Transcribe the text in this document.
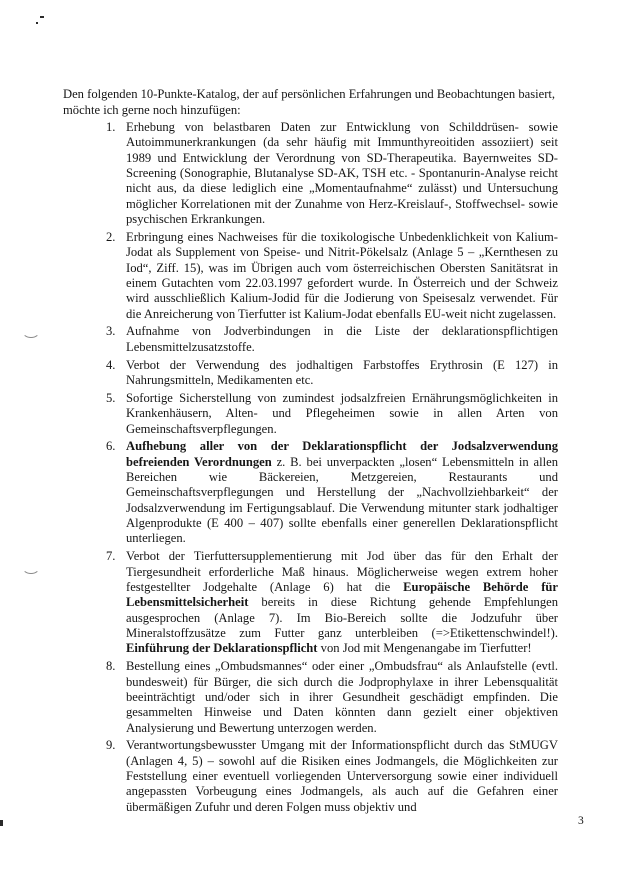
Den folgenden 10-Punkte-Katalog, der auf persönlichen Erfahrungen und Beobachtungen basiert, möchte ich gerne noch hinzufügen:

1. Erhebung von belastbaren Daten zur Entwicklung von Schilddrüsen- sowie Autoimmunerkrankungen (da sehr häufig mit Immunthyreoitiden assoziiert) seit 1989 und Entwicklung der Verordnung von SD-Therapeutika. Bayernweites SD-Screening (Sonographie, Blutanalyse SD-AK, TSH etc. - Spontanurin-Analyse reicht nicht aus, da diese lediglich eine „Momentaufnahme“ zulässt) und Untersuchung möglicher Korrelationen mit der Zunahme von Herz-Kreislauf-, Stoffwechsel- sowie psychischen Erkrankungen.
2. Erbringung eines Nachweises für die toxikologische Unbedenklichkeit von Kalium-Jodat als Supplement von Speise- und Nitrit-Pökelsalz (Anlage 5 – „Kernthesen zu Iod“, Ziff. 15), was im Übrigen auch vom österreichischen Obersten Sanitätsrat in einem Gutachten vom 22.03.1997 gefordert wurde. In Österreich und der Schweiz wird ausschließlich Kalium-Jodid für die Jodierung von Speisesalz verwendet. Für die Anreicherung von Tierfutter ist Kalium-Jodat ebenfalls EU-weit nicht zugelassen.
3. Aufnahme von Jodverbindungen in die Liste der deklarationspflichtigen Lebensmittelzusatzstoffe.
4. Verbot der Verwendung des jodhaltigen Farbstoffes Erythrosin (E 127) in Nahrungsmitteln, Medikamenten etc.
5. Sofortige Sicherstellung von zumindest jodsalzfreien Ernährungsmöglichkeiten in Krankenhäusern, Alten- und Pflegeheimen sowie in allen Arten von Gemeinschaftsverpflegungen.
6. Aufhebung aller von der Deklarationspflicht der Jodsalzverwendung befreienden Verordnungen z. B. bei unverpackten „losen“ Lebensmitteln in allen Bereichen wie Bäckereien, Metzgereien, Restaurants und Gemeinschaftsverpflegungen und Herstellung der „Nachvollziehbarkeit“ der Jodsalzverwendung im Fertigungsablauf. Die Verwendung mitunter stark jodhaltiger Algenprodukte (E 400 – 407) sollte ebenfalls einer generellen Deklarationspflicht unterliegen.
7. Verbot der Tierfuttersupplementierung mit Jod über das für den Erhalt der Tiergesundheit erforderliche Maß hinaus. Möglicherweise wegen extrem hoher festgestellter Jodgehalte (Anlage 6) hat die Europäische Behörde für Lebensmittelsicherheit bereits in diese Richtung gehende Empfehlungen ausgesprochen (Anlage 7). Im Bio-Bereich sollte die Jodzufuhr über Mineralstoffzusätze zum Futter ganz unterbleiben (=>Etikettenschwindel!). Einführung der Deklarationspflicht von Jod mit Mengenangabe im Tierfutter!
8. Bestellung eines „Ombudsmannes“ oder einer „Ombudsfrau“ als Anlaufstelle (evtl. bundesweit) für Bürger, die sich durch die Jodprophylaxe in ihrer Lebensqualität beeinträchtigt und/oder sich in ihrer Gesundheit geschädigt empfinden. Die gesammelten Hinweise und Daten könnten dann gezielt einer objektiven Analysierung und Bewertung unterzogen werden.
9. Verantwortungsbewusster Umgang mit der Informationspflicht durch das StMUGV (Anlagen 4, 5) – sowohl auf die Risiken eines Jodmangels, die Möglichkeiten zur Feststellung einer eventuell vorliegenden Unterversorgung sowie einer individuell angepassten Vorbeugung eines Jodmangels, als auch auf die Gefahren einer übermäßigen Zufuhr und deren Folgen muss objektiv und
3
